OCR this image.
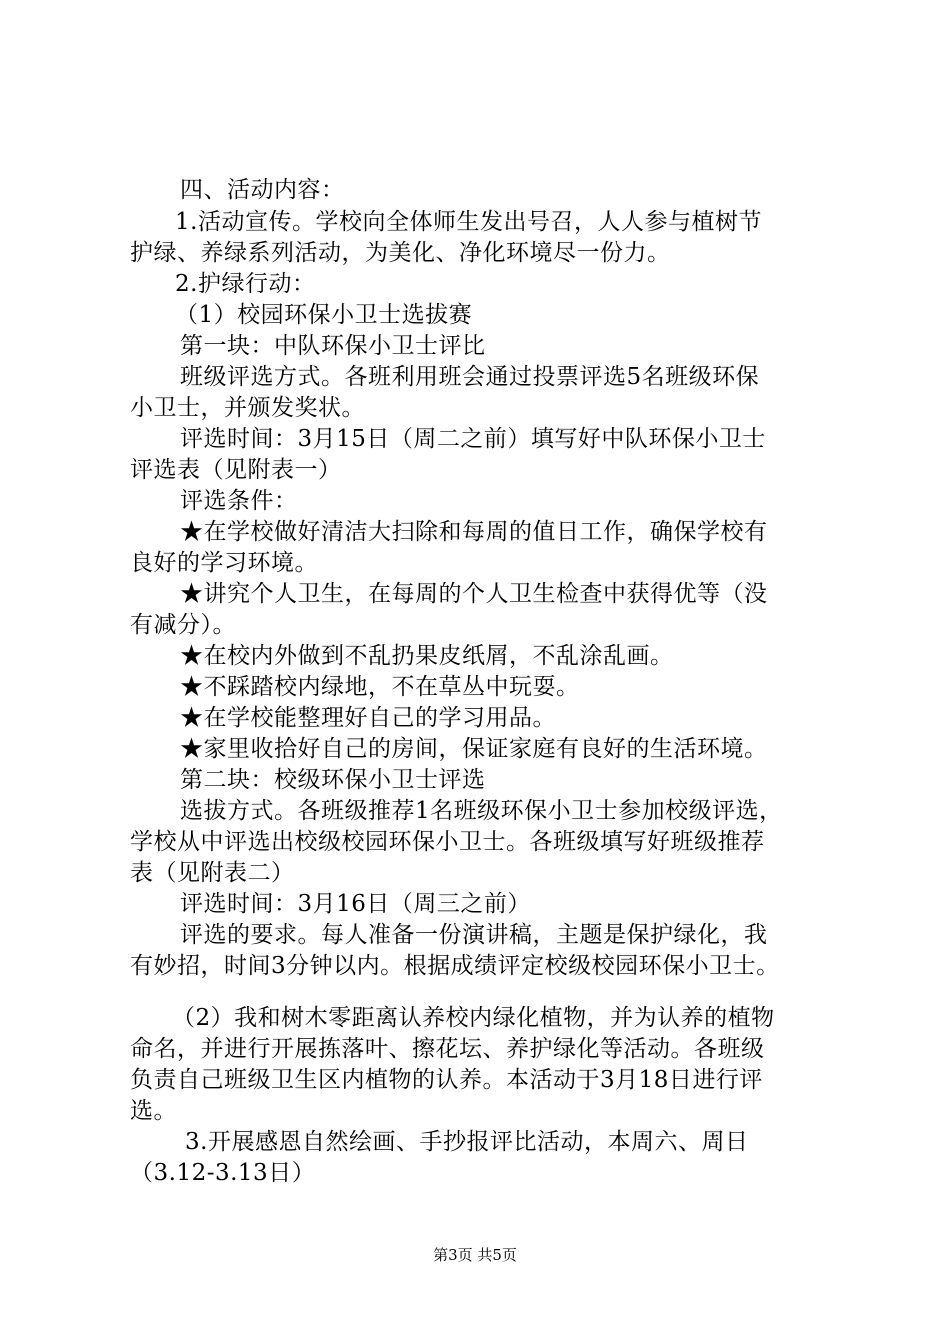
四、活动内容：
1.活动宣传。学校向全体师生发出号召，人人参与植树节
护绿、养绿系列活动，为美化、净化环境尽一份力。
2.护绿行动：
（1）校园环保小卫士选拔赛
第一块：中队环保小卫士评比
班级评选方式。各班利用班会通过投票评选5名班级环保
小卫士，并颁发奖状。
评选时间：3月15日（周二之前）填写好中队环保小卫士
评选表（见附表一）
评选条件：
★在学校做好清洁大扫除和每周的值日工作，确保学校有
良好的学习环境。
★讲究个人卫生，在每周的个人卫生检查中获得优等（没
有减分）。
★在校内外做到不乱扔果皮纸屑，不乱涂乱画。
★不踩踏校内绿地，不在草丛中玩耍。
★在学校能整理好自己的学习用品。
★家里收拾好自己的房间，保证家庭有良好的生活环境。
第二块：校级环保小卫士评选
选拔方式。各班级推荐1名班级环保小卫士参加校级评选，
学校从中评选出校级校园环保小卫士。各班级填写好班级推荐
表（见附表二）
评选时间：3月16日（周三之前）
评选的要求。每人准备一份演讲稿，主题是保护绿化，我
有妙招，时间3分钟以内。根据成绩评定校级校园环保小卫士。
（2）我和树木零距离认养校内绿化植物，并为认养的植物
命名，并进行开展拣落叶、擦花坛、养护绿化等活动。各班级
负责自己班级卫生区内植物的认养。本活动于3月18日进行评
选。
3.开展感恩自然绘画、手抄报评比活动，本周六、周日
（3.12-3.13日）
第3页 共5页
